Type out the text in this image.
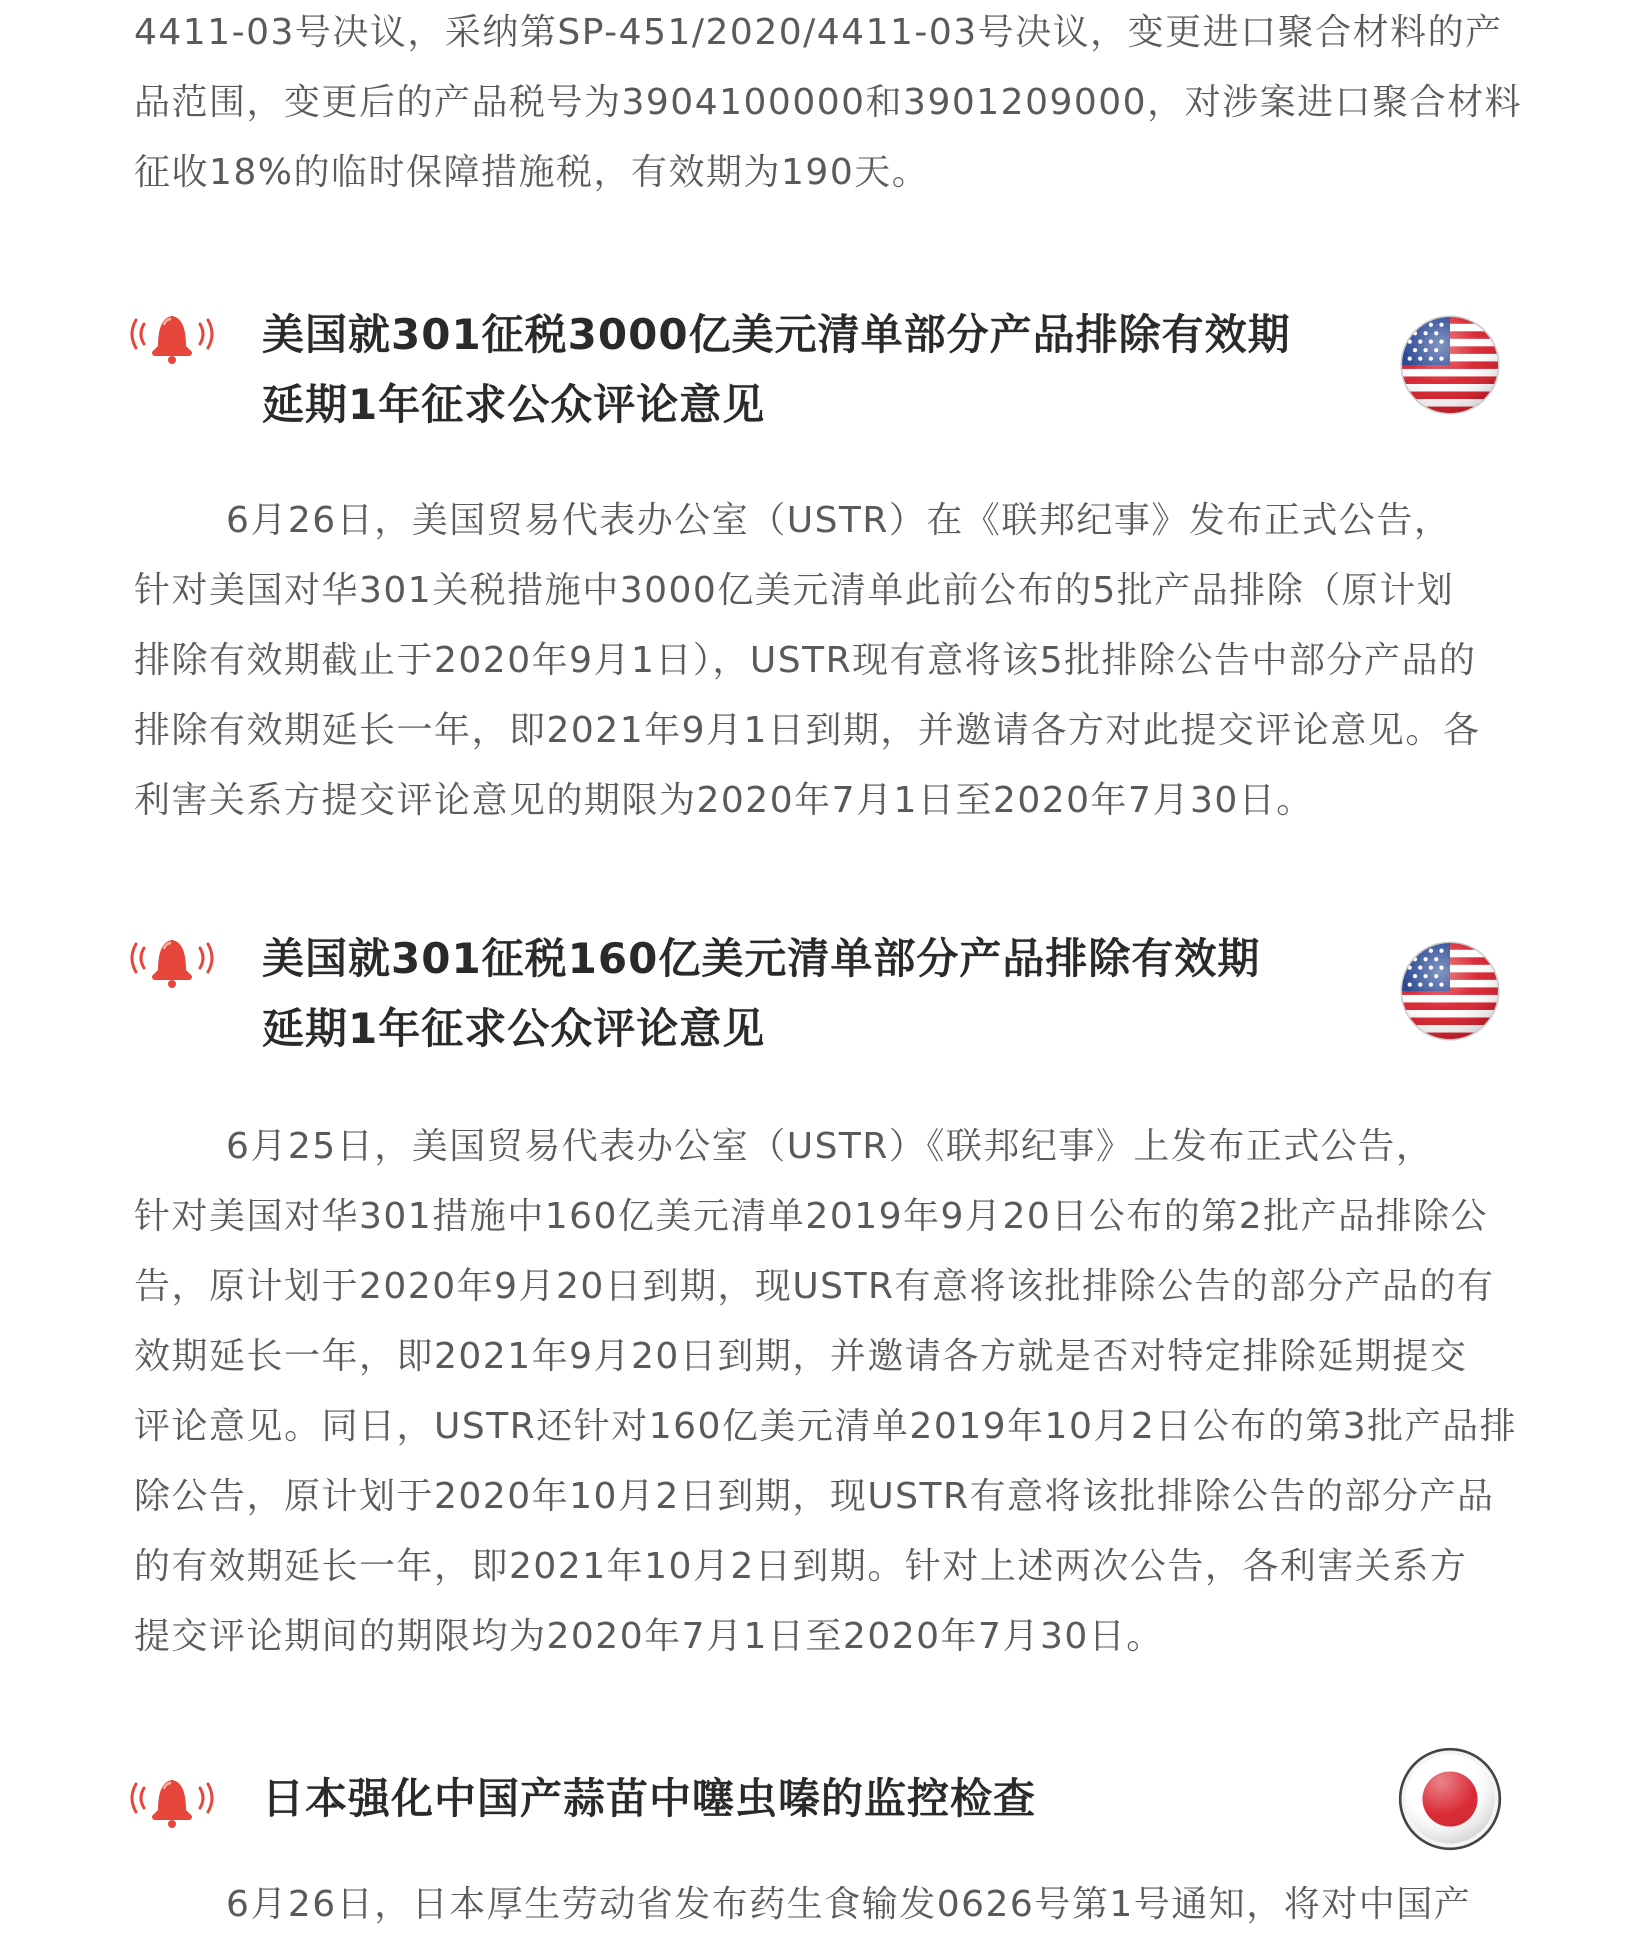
4411-03号决议，采纳第SP-451/2020/4411-03号决议，变更进口聚合材料的产
品范围，变更后的产品税号为3904100000和3901209000，对涉案进口聚合材料
征收18%的临时保障措施税，有效期为190天。
美国就301征税3000亿美元清单部分产品排除有效期
延期1年征求公众评论意见
6月26日，美国贸易代表办公室（USTR）在《联邦纪事》发布正式公告，
针对美国对华301关税措施中3000亿美元清单此前公布的5批产品排除（原计划
排除有效期截止于2020年9月1日），USTR现有意将该5批排除公告中部分产品的
排除有效期延长一年，即2021年9月1日到期，并邀请各方对此提交评论意见。各
利害关系方提交评论意见的期限为2020年7月1日至2020年7月30日。
美国就301征税160亿美元清单部分产品排除有效期
延期1年征求公众评论意见
6月25日，美国贸易代表办公室（USTR）《联邦纪事》上发布正式公告，
针对美国对华301措施中160亿美元清单2019年9月20日公布的第2批产品排除公
告，原计划于2020年9月20日到期，现USTR有意将该批排除公告的部分产品的有
效期延长一年，即2021年9月20日到期，并邀请各方就是否对特定排除延期提交
评论意见。同日，USTR还针对160亿美元清单2019年10月2日公布的第3批产品排
除公告，原计划于2020年10月2日到期，现USTR有意将该批排除公告的部分产品
的有效期延长一年，即2021年10月2日到期。针对上述两次公告，各利害关系方
提交评论期间的期限均为2020年7月1日至2020年7月30日。
日本强化中国产蒜苗中噻虫嗪的监控检查
6月26日，日本厚生劳动省发布药生食输发0626号第1号通知，将对中国产
